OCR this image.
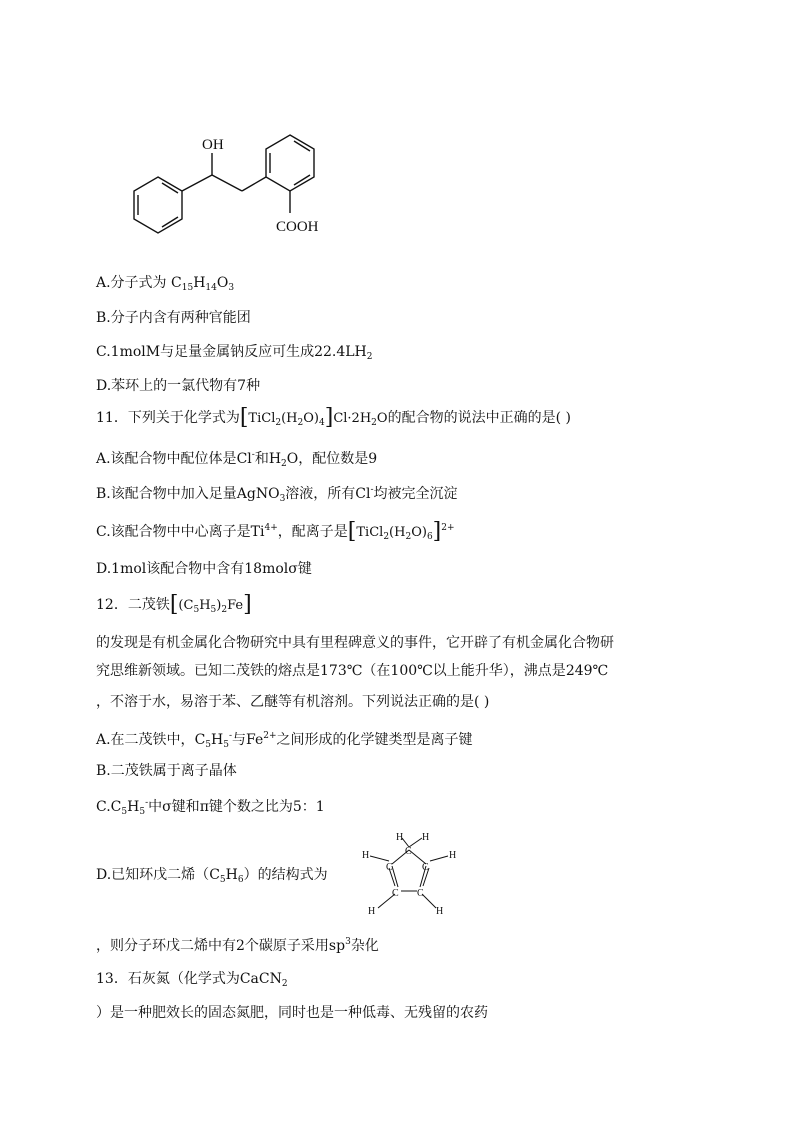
OH
COOH
A.分子式为 $C_{15}H_{14}O_3$
B.分子内含有两种官能团
C.1molM与足量金属钠反应可生成$22.4LH_2$
D.苯环上的一氯代物有7种
11．下列关于化学式为$[TiCl_2(H_2O)_4]Cl\cdot 2H_2O$的配合物的说法中正确的是( )
A.该配合物中配位体是Cl-和$H_2O$，配位数是9
B.该配合物中加入足量AgNO$_3$溶液，所有Cl-均被完全沉淀
C.该配合物中中心离子是$Ti^{4+}$，配离子是$[TiCl_2(H_2O)_6]^{2+}$
D.1mol该配合物中含有18molσ键
12．二茂铁$[(C_5H_5)_2Fe]$
的发现是有机金属化合物研究中具有里程碑意义的事件，它开辟了有机金属化合物研
究思维新领域。已知二茂铁的熔点是173℃（在100℃以上能升华），沸点是249℃
，不溶于水，易溶于苯、乙醚等有机溶剂。下列说法正确的是( )
A.在二茂铁中，$C_5H_5^-$与$Fe^{2+}$之间形成的化学键类型是离子键
B.二茂铁属于离子晶体
$C.C_5H_5^-$中σ键和π键个数之比为5：1
D.已知环戊二烯$(C_5H_6)$的结构式为
C
C
C
C C
H H
H	H
H	H
，则分子环戊二烯中有2个碳原子采用$sp^3$杂化
13．石灰氮（化学式为CaCN$_2$
）是一种肥效长的固态氮肥，同时也是一种低毒、无残留的农药
